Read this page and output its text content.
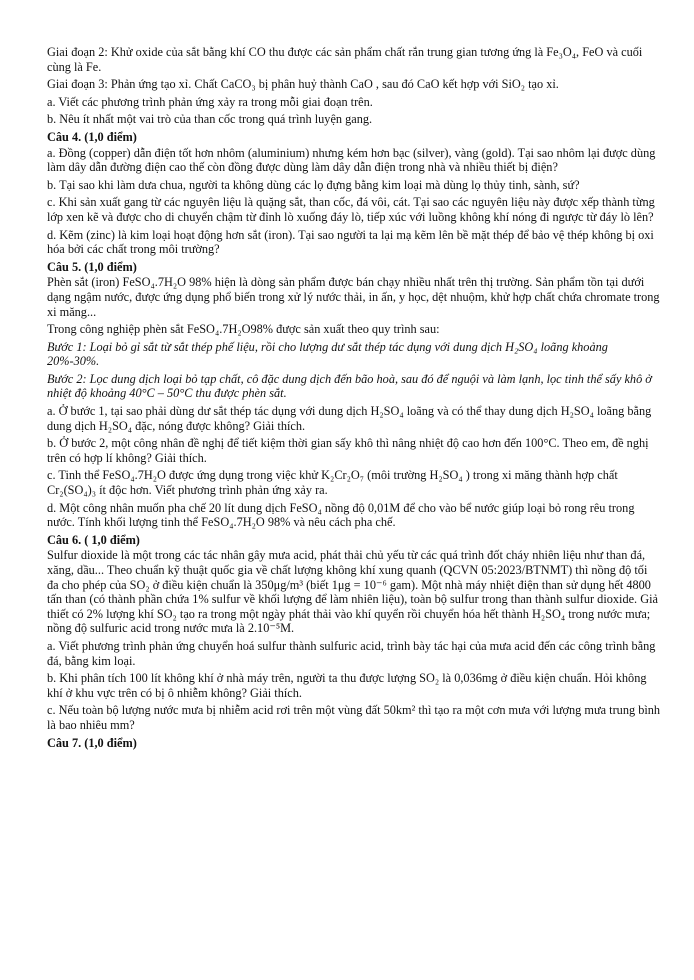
Giai đoạn 2: Khử oxide của sắt bằng khí CO thu được các sản phẩm chất rắn trung gian tương ứng là Fe₃O₄, FeO và cuối cùng là Fe.
Giai đoạn 3: Phản ứng tạo xỉ. Chất CaCO₃ bị phân huỷ thành CaO , sau đó CaO kết hợp với SiO₂ tạo xỉ.
a. Viết các phương trình phản ứng xảy ra trong mỗi giai đoạn trên.
b. Nêu ít nhất một vai trò của than cốc trong quá trình luyện gang.
Câu 4. (1,0 điểm)
a. Đồng (copper) dẫn điện tốt hơn nhôm (aluminium) nhưng kém hơn bạc (silver), vàng (gold). Tại sao nhôm lại được dùng làm dây dẫn đường điện cao thế còn đồng được dùng làm dây dẫn điện trong nhà và nhiều thiết bị điện?
b. Tại sao khi làm dưa chua, người ta không dùng các lọ đựng bằng kim loại mà dùng lọ thủy tinh, sành, sứ?
c. Khi sản xuất gang từ các nguyên liệu là quặng sắt, than cốc, đá vôi, cát. Tại sao các nguyên liệu này được xếp thành từng lớp xen kẽ và được cho di chuyển chậm từ đỉnh lò xuống đáy lò, tiếp xúc với luồng không khí nóng đi ngược từ đáy lò lên?
d. Kẽm (zinc) là kim loại hoạt động hơn sắt (iron). Tại sao người ta lại mạ kẽm lên bề mặt thép để bảo vệ thép không bị oxi hóa bởi các chất trong môi trường?
Câu 5. (1,0 điểm)
Phèn sắt (iron) FeSO₄.7H₂O 98% hiện là dòng sản phẩm được bán chạy nhiều nhất trên thị trường. Sản phẩm tồn tại dưới dạng ngậm nước, được ứng dụng phổ biến trong xử lý nước thải, in ấn, y học, dệt nhuộm, khử hợp chất chứa chromate trong xi măng...
Trong công nghiệp phèn sắt FeSO₄.7H₂O98% được sản xuất theo quy trình sau:
Bước 1: Loại bỏ gỉ sắt từ sắt thép phế liệu, rồi cho lượng dư sắt thép tác dụng với dung dịch H₂SO₄ loãng khoảng 20%-30%.
Bước 2: Lọc dung dịch loại bỏ tạp chất, cô đặc dung dịch đến bão hoà, sau đó để nguội và làm lạnh, lọc tinh thể sấy khô ở nhiệt độ khoảng 40°C – 50°C thu được phèn sắt.
a. Ở bước 1, tại sao phải dùng dư sắt thép tác dụng với dung dịch H₂SO₄ loãng và có thể thay dung dịch H₂SO₄ loãng bằng dung dịch H₂SO₄ đặc, nóng được không? Giải thích.
b. Ở bước 2, một công nhân đề nghị để tiết kiệm thời gian sấy khô thì nâng nhiệt độ cao hơn đến 100°C. Theo em, đề nghị trên có hợp lí không? Giải thích.
c. Tinh thể FeSO₄.7H₂O được ứng dụng trong việc khử K₂Cr₂O₇ (môi trường H₂SO₄ ) trong xi măng thành hợp chất Cr₂(SO₄)₃ ít độc hơn. Viết phương trình phản ứng xảy ra.
d. Một công nhân muốn pha chế 20 lít dung dịch FeSO₄ nồng độ 0,01M để cho vào bể nước giúp loại bỏ rong rêu trong nước. Tính khối lượng tinh thể FeSO₄.7H₂O 98% và nêu cách pha chế.
Câu 6. ( 1,0 điểm)
Sulfur dioxide là một trong các tác nhân gây mưa acid, phát thải chủ yếu từ các quá trình đốt cháy nhiên liệu như than đá, xăng, dầu... Theo chuẩn kỹ thuật quốc gia về chất lượng không khí xung quanh (QCVN 05:2023/BTNMT) thì nồng độ tối đa cho phép của SO₂ ở điều kiện chuẩn là 350μg/m³ (biết 1μg = 10⁻⁶ gam). Một nhà máy nhiệt điện than sử dụng hết 4800 tấn than (có thành phần chứa 1% sulfur về khối lượng để làm nhiên liệu), toàn bộ sulfur trong than thành sulfur dioxide. Giả thiết có 2% lượng khí SO₂ tạo ra trong một ngày phát thải vào khí quyển rồi chuyển hóa hết thành H₂SO₄ trong nước mưa; nồng độ sulfuric acid trong nước mưa là 2.10⁻⁵M.
a. Viết phương trình phản ứng chuyển hoá sulfur thành sulfuric acid, trình bày tác hại của mưa acid đến các công trình bằng đá, bằng kim loại.
b. Khi phân tích 100 lít không khí ở nhà máy trên, người ta thu được lượng SO₂ là 0,036mg ở điều kiện chuẩn. Hỏi không khí ở khu vực trên có bị ô nhiễm không? Giải thích.
c. Nếu toàn bộ lượng nước mưa bị nhiễm acid rơi trên một vùng đất 50km² thì tạo ra một cơn mưa với lượng mưa trung bình là bao nhiêu mm?
Câu 7. (1,0 điểm)
